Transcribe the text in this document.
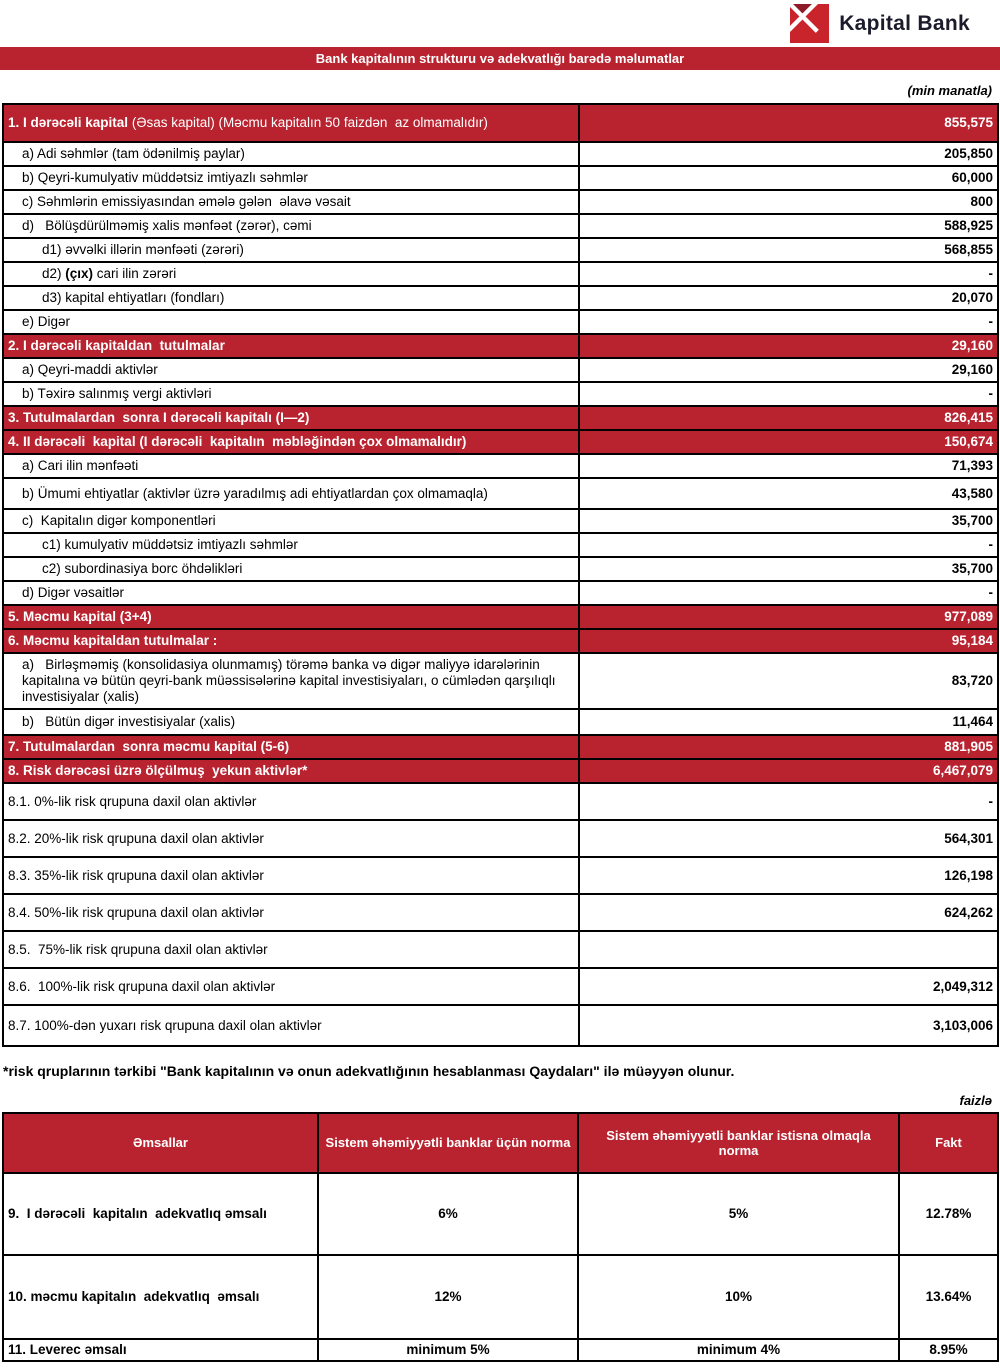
Kapital Bank
Bank kapitalının strukturu və adekvatlığı barədə məlumatlar
(min manatla)
1. I dərəcəli kapital (Əsas kapital) (Məcmu kapitalın 50 faizdən  az olmamalıdır)	855,575
a) Adi səhmlər (tam ödənilmiş paylar)	205,850
b) Qeyri-kumulyativ müddətsiz imtiyazlı səhmlər	60,000
c) Səhmlərin emissiyasından əmələ gələn  əlavə vəsait	800
d)   Bölüşdürülməmiş xalis mənfəət (zərər), cəmi	588,925
d1) əvvəlki illərin mənfəəti (zərəri)	568,855
d2) (çıx) cari ilin zərəri	-
d3) kapital ehtiyatları (fondları)	20,070
e) Digər	-
2. I dərəcəli kapitaldan  tutulmalar	29,160
a) Qeyri-maddi aktivlər	29,160
b) Təxirə salınmış vergi aktivləri	-
3. Tutulmalardan  sonra I dərəcəli kapitalı (I—2)	826,415
4. II dərəcəli  kapital (I dərəcəli  kapitalın  məbləğindən çox olmamalıdır)	150,674
a) Cari ilin mənfəəti	71,393
b) Ümumi ehtiyatlar (aktivlər üzrə yaradılmış adi ehtiyatlardan çox olmamaqla)	43,580
c)  Kapitalın digər komponentləri	35,700
c1) kumulyativ müddətsiz imtiyazlı səhmlər	-
c2) subordinasiya borc öhdəlikləri	35,700
d) Digər vəsaitlər	-
5. Məcmu kapital (3+4)	977,089
6. Məcmu kapitaldan tutulmalar :	95,184
a)   Birləşməmiş (konsolidasiya olunmamış) törəmə banka və digər maliyyə idarələrinin kapitalına və bütün qeyri-bank müəssisələrinə kapital investisiyaları, o cümlədən qarşılıqlı investisiyalar (xalis)	83,720
b)   Bütün digər investisiyalar (xalis)	11,464
7. Tutulmalardan  sonra məcmu kapital (5-6)	881,905
8. Risk dərəcəsi üzrə ölçülmuş  yekun aktivlər*	6,467,079
8.1. 0%-lik risk qrupuna daxil olan aktivlər	-
8.2. 20%-lik risk qrupuna daxil olan aktivlər	564,301
8.3. 35%-lik risk qrupuna daxil olan aktivlər	126,198
8.4. 50%-lik risk qrupuna daxil olan aktivlər	624,262
8.5.  75%-lik risk qrupuna daxil olan aktivlər	
8.6.  100%-lik risk qrupuna daxil olan aktivlər	2,049,312
8.7. 100%-dən yuxarı risk qrupuna daxil olan aktivlər	3,103,006
*risk qruplarının tərkibi "Bank kapitalının və onun adekvatlığının hesablanması Qaydaları" ilə müəyyən olunur.
faizlə
Əmsallar	Sistem əhəmiyyətli banklar üçün norma	Sistem əhəmiyyətli banklar istisna olmaqla norma	Fakt
9.  I dərəcəli  kapitalın  adekvatlıq əmsalı	6%	5%	12.78%
10. məcmu kapitalın  adekvatlıq  əmsalı	12%	10%	13.64%
11. Leverec əmsalı	minimum 5%	minimum 4%	8.95%
